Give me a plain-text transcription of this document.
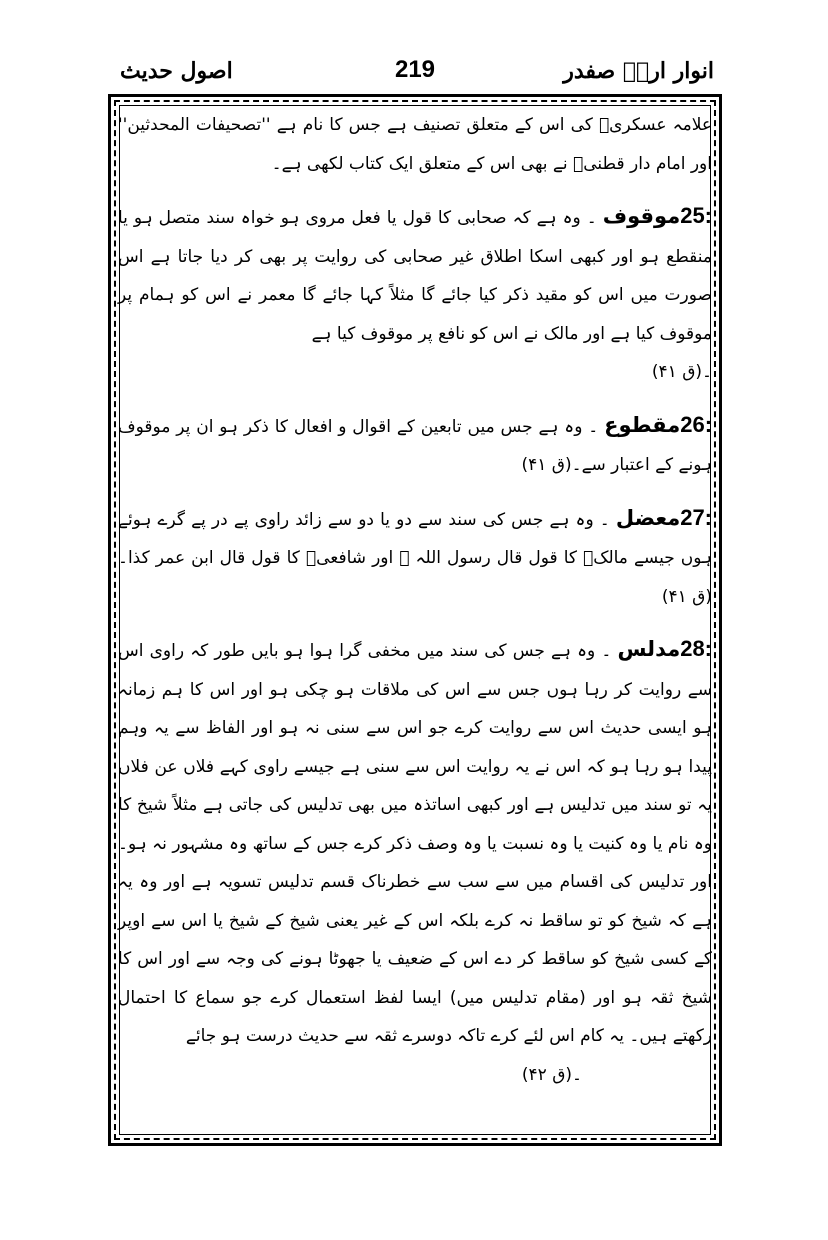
اصول حدیث	219	انوار ارحؒ صفدر

علامہ عسکریؒ کی اس کے متعلق تصنیف ہے جس کا نام ہے ''تصحیفات المحدثین'' اور امام دار قطنیؒ نے بھی اس کے متعلق ایک کتاب لکھی ہے۔

25:موقوف ۔ وہ ہے کہ صحابی کا قول یا فعل مروی ہو خواہ سند متصل ہو یا منقطع ہو اور کبھی اسکا اطلاق غیر صحابی کی روایت پر بھی کر دیا جاتا ہے اس صورت میں اس کو مقید ذکر کیا جائے گا مثلاً کہا جائے گا معمر نے اس کو ہمام پر موقوف کیا ہے اور مالک نے اس کو نافع پر موقوف کیا ہے

۔(ق ۴۱)

26:مقطوع ۔ وہ ہے جس میں تابعین کے اقوال و افعال کا ذکر ہو ان پر موقوف ہونے کے اعتبار سے۔(ق ۴۱)

27:معضل ۔ وہ ہے جس کی سند سے دو یا دو سے زائد راوی پے در پے گرے ہوئے ہوں جیسے مالکؒ کا قول قال رسول اللہ ﷺ اور شافعیؒ کا قول قال ابن عمر کذا۔(ق ۴۱)

28:مدلس ۔ وہ ہے جس کی سند میں مخفی گرا ہوا ہو بایں طور کہ راوی اس سے روایت کر رہا ہوں جس سے اس کی ملاقات ہو چکی ہو اور اس کا ہم زمانہ ہو ایسی حدیث اس سے روایت کرے جو اس سے سنی نہ ہو اور الفاظ سے یہ وہم پیدا ہو رہا ہو کہ اس نے یہ روایت اس سے سنی ہے جیسے راوی کہے فلاں عن فلاں یہ تو سند میں تدلیس ہے اور کبھی اساتذہ میں بھی تدلیس کی جاتی ہے مثلاً شیخ کا وہ نام یا وہ کنیت یا وہ نسبت یا وہ وصف ذکر کرے جس کے ساتھ وہ مشہور نہ ہو۔ اور تدلیس کی اقسام میں سے سب سے خطرناک قسم تدلیس تسویہ ہے اور وہ یہ ہے کہ شیخ کو تو ساقط نہ کرے بلکہ اس کے غیر یعنی شیخ کے شیخ یا اس سے اوپر کے کسی شیخ کو ساقط کر دے اس کے ضعیف یا جھوٹا ہونے کی وجہ سے اور اس کا شیخ ثقہ ہو اور (مقام تدلیس میں) ایسا لفظ استعمال کرے جو سماع کا احتمال رکھتے ہیں۔ یہ کام اس لئے کرے تاکہ دوسرے ثقہ سے حدیث درست ہو جائے

۔(ق ۴۲)
